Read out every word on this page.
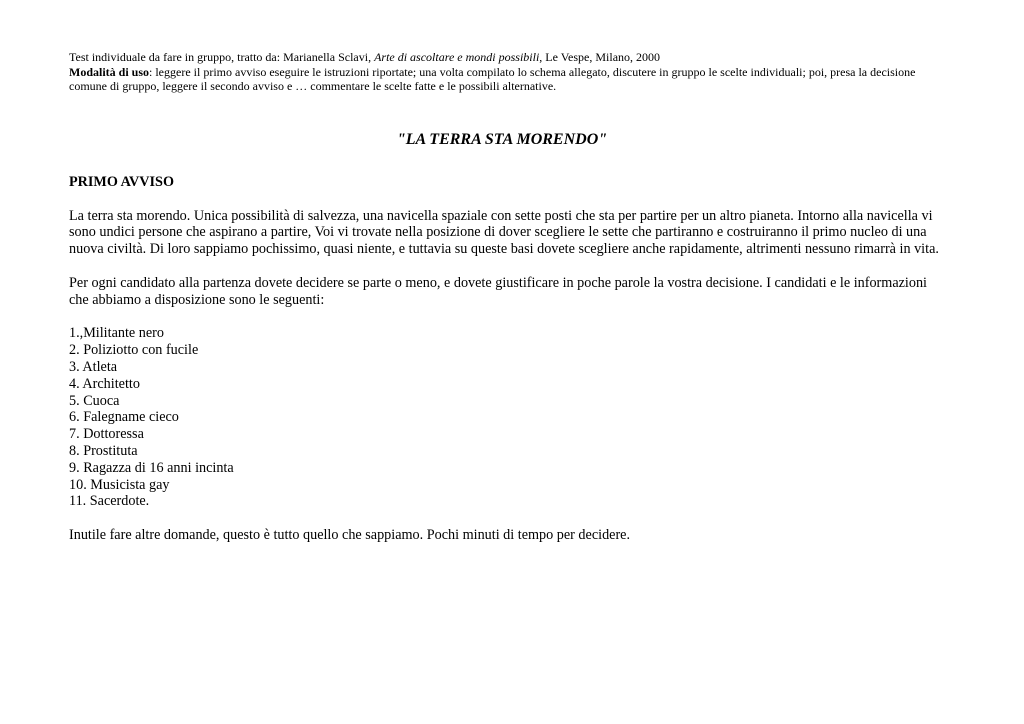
Test individuale da fare in gruppo, tratto da: Marianella Sclavi, Arte di ascoltare e mondi possibili, Le Vespe, Milano, 2000
Modalità di uso: leggere il primo avviso eseguire le istruzioni riportate; una volta compilato lo schema allegato, discutere in gruppo le scelte individuali; poi, presa la decisione comune di gruppo, leggere il secondo avviso e … commentare le scelte fatte e le possibili alternative.
"LA TERRA STA MORENDO"
PRIMO AVVISO
La terra sta morendo. Unica possibilità di salvezza, una navicella spaziale con sette posti che sta per partire per un altro pianeta. Intorno alla navicella vi sono undici persone che aspirano a partire, Voi vi trovate nella posizione di dover scegliere le sette che partiranno e costruiranno il primo nucleo di una nuova civiltà. Di loro sappiamo pochissimo, quasi niente, e tuttavia su queste basi dovete scegliere anche rapidamente, altrimenti nessuno rimarrà in vita.
Per ogni candidato alla partenza dovete decidere se parte o meno, e dovete giustificare in poche parole la vostra decisione. I candidati e le informazioni che abbiamo a disposizione sono le seguenti:
1.,Militante nero
2. Poliziotto con fucile
3. Atleta
4. Architetto
5. Cuoca
6. Falegname cieco
7. Dottoressa
8. Prostituta
9. Ragazza di 16 anni incinta
10. Musicista gay
11. Sacerdote.
Inutile fare altre domande, questo è tutto quello che sappiamo. Pochi minuti di tempo per decidere.
